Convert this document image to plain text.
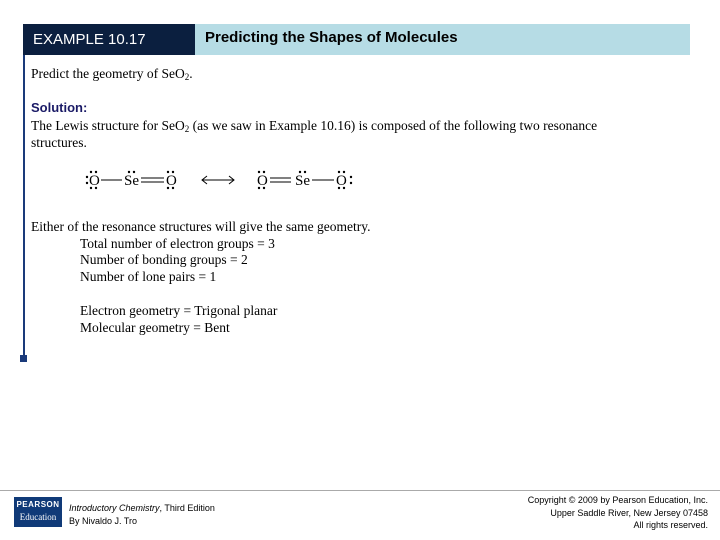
EXAMPLE 10.17	Predicting the Shapes of Molecules
Predict the geometry of SeO$_2$.
Solution:
The Lewis structure for SeO$_2$ (as we saw in Example 10.16) is composed of the following two resonance
structures.
O Se O	O Se O
Either of the resonance structures will give the same geometry.
Total number of electron groups = 3
Number of bonding groups = 2
Number of lone pairs = 1
Electron geometry = Trigonal planar
Molecular geometry = Bent
PEARSON
Education
Introductory Chemistry, Third Edition
By Nivaldo J. Tro
Copyright © 2009 by Pearson Education, Inc.
Upper Saddle River, New Jersey 07458
All rights reserved.
